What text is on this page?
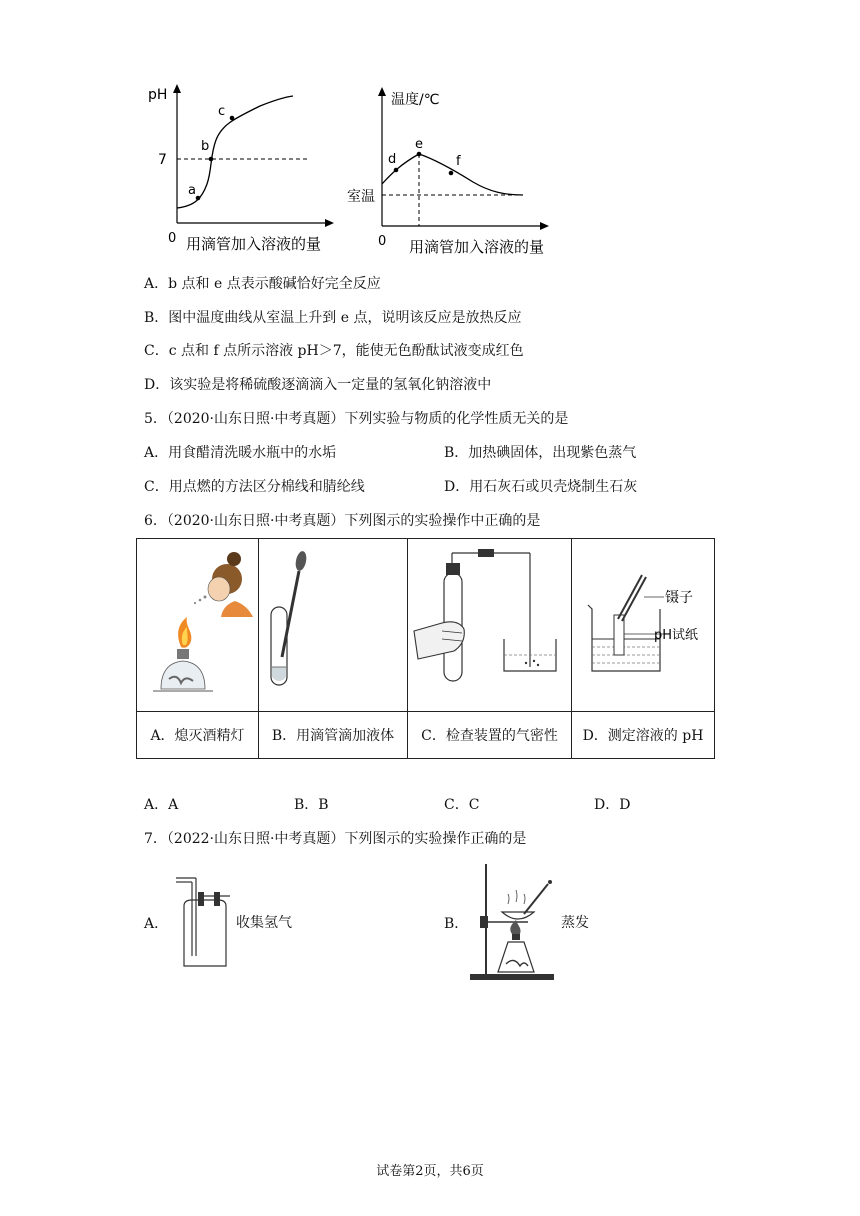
pH
7
0
a
b
c
用滴管加入溶液的量
温度/℃
室温
0
d
e
f
用滴管加入溶液的量
A．b 点和 e 点表示酸碱恰好完全反应
B．图中温度曲线从室温上升到 e 点，说明该反应是放热反应
C．c 点和 f 点所示溶液 pH＞7，能使无色酚酞试液变成红色
D．该实验是将稀硫酸逐滴滴入一定量的氢氧化钠溶液中
5．（2020·山东日照·中考真题）下列实验与物质的化学性质无关的是
A．用食醋清洗暖水瓶中的水垢	B．加热碘固体，出现紫色蒸气
C．用点燃的方法区分棉线和腈纶线	D．用石灰石或贝壳烧制生石灰
6．（2020·山东日照·中考真题）下列图示的实验操作中正确的是

镊子
pH试纸

A．熄灭酒精灯	B．用滴管滴加液体	C．检查装置的气密性	D．测定溶液的 pH
A．A	B．B	C．C	D．D
7．（2022·山东日照·中考真题）下列图示的实验操作正确的是
A．	收集氢气	B．	蒸发
试卷第2页，共6页
